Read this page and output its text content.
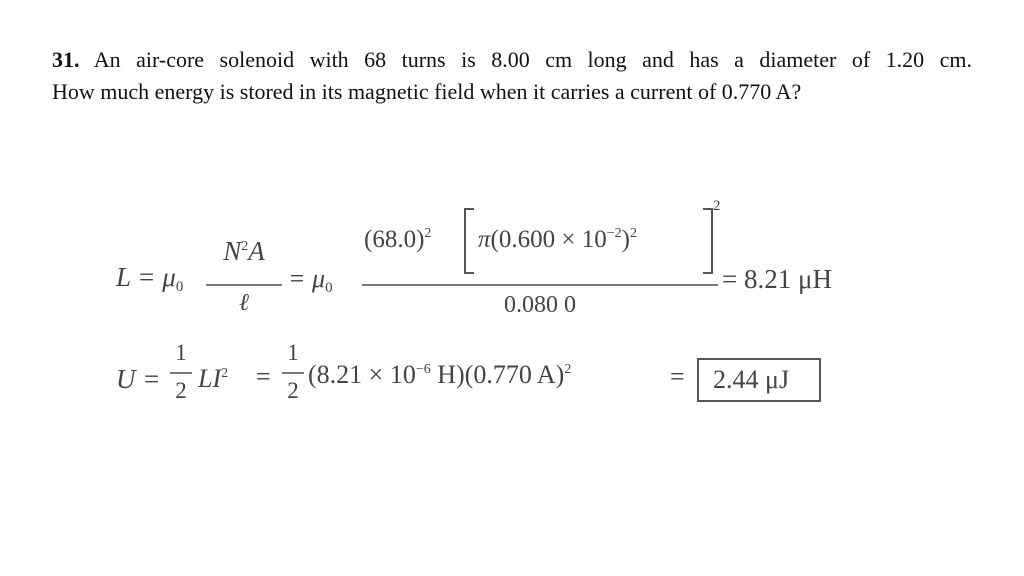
31. An air-core solenoid with 68 turns is 8.00 cm long and has a diameter of 1.20 cm.
How much energy is stored in its magnetic field when it carries a current of 0.770 A?
L = μ0
$N^2A$
ℓ
= μ0
$(68.0)^2$ $\pi(0.600 \times 10^{-2})^2$
2
0.080 0
= 8.21 μH
U =
1
2 $LI^2$ =
1
2
($8.21 \times 10^{-6}$ H)(0.770 A)$^2$	=	2.44 μJ
